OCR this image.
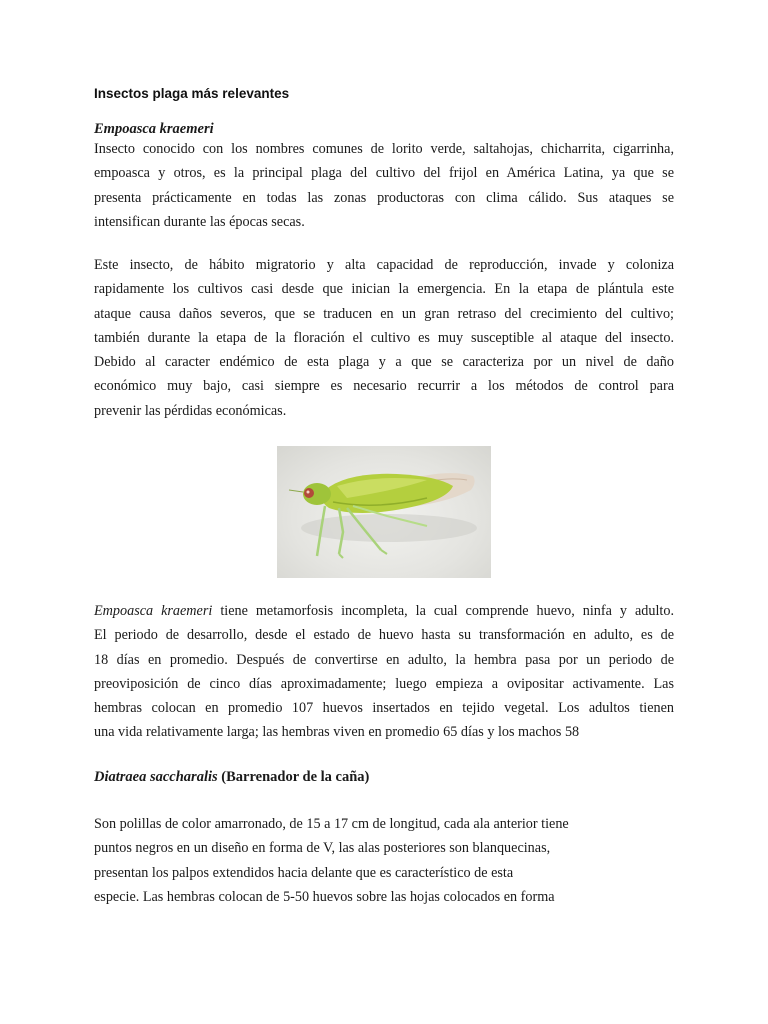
Insectos plaga más relevantes
Empoasca kraemeri
Insecto conocido con los nombres comunes de lorito verde, saltahojas, chicharrita, cigarrinha,
empoasca y otros, es la principal plaga del cultivo del frijol en América Latina, ya que se
presenta prácticamente en todas las zonas productoras con clima cálido. Sus ataques se
intensifican durante las épocas secas.
Este insecto, de hábito migratorio y alta capacidad de reproducción, invade y coloniza
rapidamente los cultivos casi desde que inician la emergencia. En la etapa de plántula este
ataque causa daños severos, que se traducen en un gran retraso del crecimiento del cultivo;
también durante la etapa de la floración el cultivo es muy susceptible al ataque del insecto.
Debido al caracter endémico de esta plaga y a que se caracteriza por un nivel de daño
económico muy bajo, casi siempre es necesario recurrir a los métodos de control para
prevenir las pérdidas económicas.
Empoasca kraemeri tiene metamorfosis incompleta, la cual comprende huevo, ninfa y adulto.
El periodo de desarrollo, desde el estado de huevo hasta su transformación en adulto, es de
18 días en promedio. Después de convertirse en adulto, la hembra pasa por un periodo de
preoviposición de cinco días aproximadamente; luego empieza a ovipositar activamente. Las
hembras colocan en promedio 107 huevos insertados en tejido vegetal. Los adultos tienen
una vida relativamente larga; las hembras viven en promedio 65 días y los machos 58
Diatraea saccharalis (Barrenador de la caña)
Son polillas de color amarronado, de 15 a 17 cm de longitud, cada ala anterior tiene
puntos negros en un diseño en forma de V, las alas posteriores son blanquecinas,
presentan los palpos extendidos hacia delante que es característico de esta
especie. Las hembras colocan de 5-50 huevos sobre las hojas colocados en forma
